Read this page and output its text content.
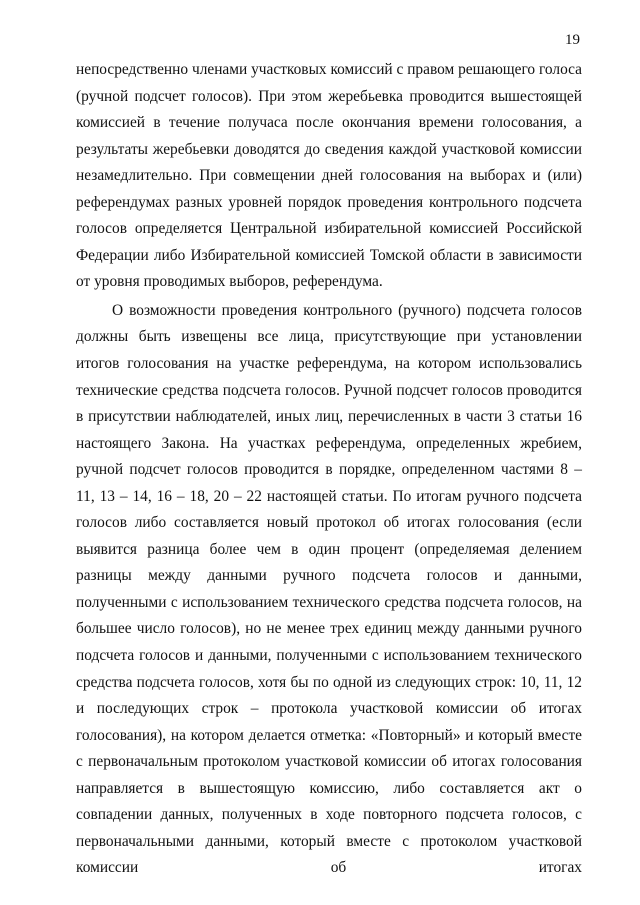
19

непосредственно членами участковых комиссий с правом решающего голоса (ручной подсчет голосов). При этом жеребьевка проводится вышестоящей комиссией в течение получаса после окончания времени голосования, а результаты жеребьевки доводятся до сведения каждой участковой комиссии незамедлительно. При совмещении дней голосования на выборах и (или) референдумах разных уровней порядок проведения контрольного подсчета голосов определяется Центральной избирательной комиссией Российской Федерации либо Избирательной комиссией Томской области в зависимости от уровня проводимых выборов, референдума.

О возможности проведения контрольного (ручного) подсчета голосов должны быть извещены все лица, присутствующие при установлении итогов голосования на участке референдума, на котором использовались технические средства подсчета голосов. Ручной подсчет голосов проводится в присутствии наблюдателей, иных лиц, перечисленных в части 3 статьи 16 настоящего Закона. На участках референдума, определенных жребием, ручной подсчет голосов проводится в порядке, определенном частями 8 – 11, 13 – 14, 16 – 18, 20 – 22 настоящей статьи. По итогам ручного подсчета голосов либо составляется новый протокол об итогах голосования (если выявится разница более чем в один процент (определяемая делением разницы между данными ручного подсчета голосов и данными, полученными с использованием технического средства подсчета голосов, на большее число голосов), но не менее трех единиц между данными ручного подсчета голосов и данными, полученными с использованием технического средства подсчета голосов, хотя бы по одной из следующих строк: 10, 11, 12 и последующих строк – протокола участковой комиссии об итогах голосования), на котором делается отметка: «Повторный» и который вместе с первоначальным протоколом участковой комиссии об итогах голосования направляется в вышестоящую комиссию, либо составляется акт о совпадении данных, полученных в ходе повторного подсчета голосов, с первоначальными данными, который вместе с протоколом участковой комиссии об итогах
